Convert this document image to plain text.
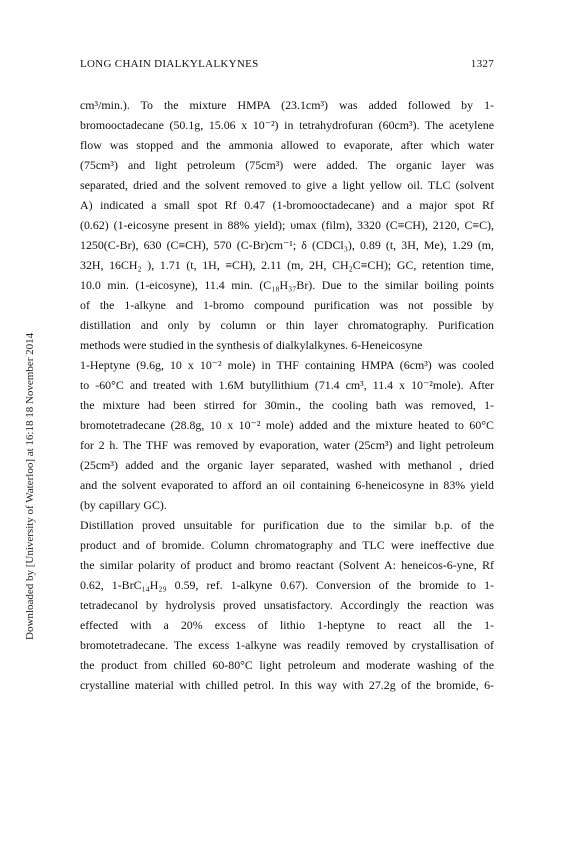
LONG CHAIN DIALKYLALKYNES	1327
Downloaded by [University of Waterloo] at 16:18 18 November 2014
cm³/min.). To the mixture HMPA (23.1cm³) was added followed by 1-
bromooctadecane (50.1g, 15.06 x 10⁻²) in tetrahydrofuran (60cm³). The acetylene
flow was stopped and the ammonia allowed to evaporate, after which water
(75cm³) and light petroleum (75cm³) were added. The organic layer was
separated, dried and the solvent removed to give a light yellow oil. TLC (solvent
A) indicated a small spot Rf 0.47 (1-bromooctadecane) and a major spot Rf
(0.62) (1-eicosyne present in 88% yield); υmax (film), 3320 (C≡CH), 2120, C≡C),
1250(C-Br), 630 (C≡CH), 570 (C-Br)cm⁻¹; δ (CDCl₃), 0.89 (t, 3H, Me), 1.29 (m,
32H, 16CH₂ ), 1.71 (t, 1H, ≡CH), 2.11 (m, 2H, CH₂C≡CH); GC, retention time,
10.0 min. (1-eicosyne), 11.4 min. (C₁₈H₃₇Br). Due to the similar boiling points
of the 1-alkyne and 1-bromo compound purification was not possible by
distillation and only by column or thin layer chromatography. Purification
methods were studied in the synthesis of dialkylalkynes. 6-Heneicosyne
1-Heptyne (9.6g, 10 x 10⁻² mole) in THF containing HMPA (6cm³) was cooled
to -60°C and treated with 1.6M butyllithium (71.4 cm³, 11.4 x 10⁻²mole). After
the mixture had been stirred for 30min., the cooling bath was removed, 1-
bromotetradecane (28.8g, 10 x 10⁻² mole) added and the mixture heated to 60°C
for 2 h. The THF was removed by evaporation, water (25cm³) and light petroleum
(25cm³) added and the organic layer separated, washed with methanol , dried
and the solvent evaporated to afford an oil containing 6-heneicosyne in 83% yield
(by capillary GC).
Distillation proved unsuitable for purification due to the similar b.p. of the
product and of bromide. Column chromatography and TLC were ineffective due
the similar polarity of product and bromo reactant (Solvent A: heneicos-6-yne, Rf
0.62, 1-BrC₁₄H₂₉ 0.59, ref. 1-alkyne 0.67). Conversion of the bromide to 1-
tetradecanol by hydrolysis proved unsatisfactory. Accordingly the reaction was
effected with a 20% excess of lithio 1-heptyne to react all the 1-
bromotetradecane. The excess 1-alkyne was readily removed by crystallisation of
the product from chilled 60-80°C light petroleum and moderate washing of the
crystalline material with chilled petrol. In this way with 27.2g of the bromide, 6-
